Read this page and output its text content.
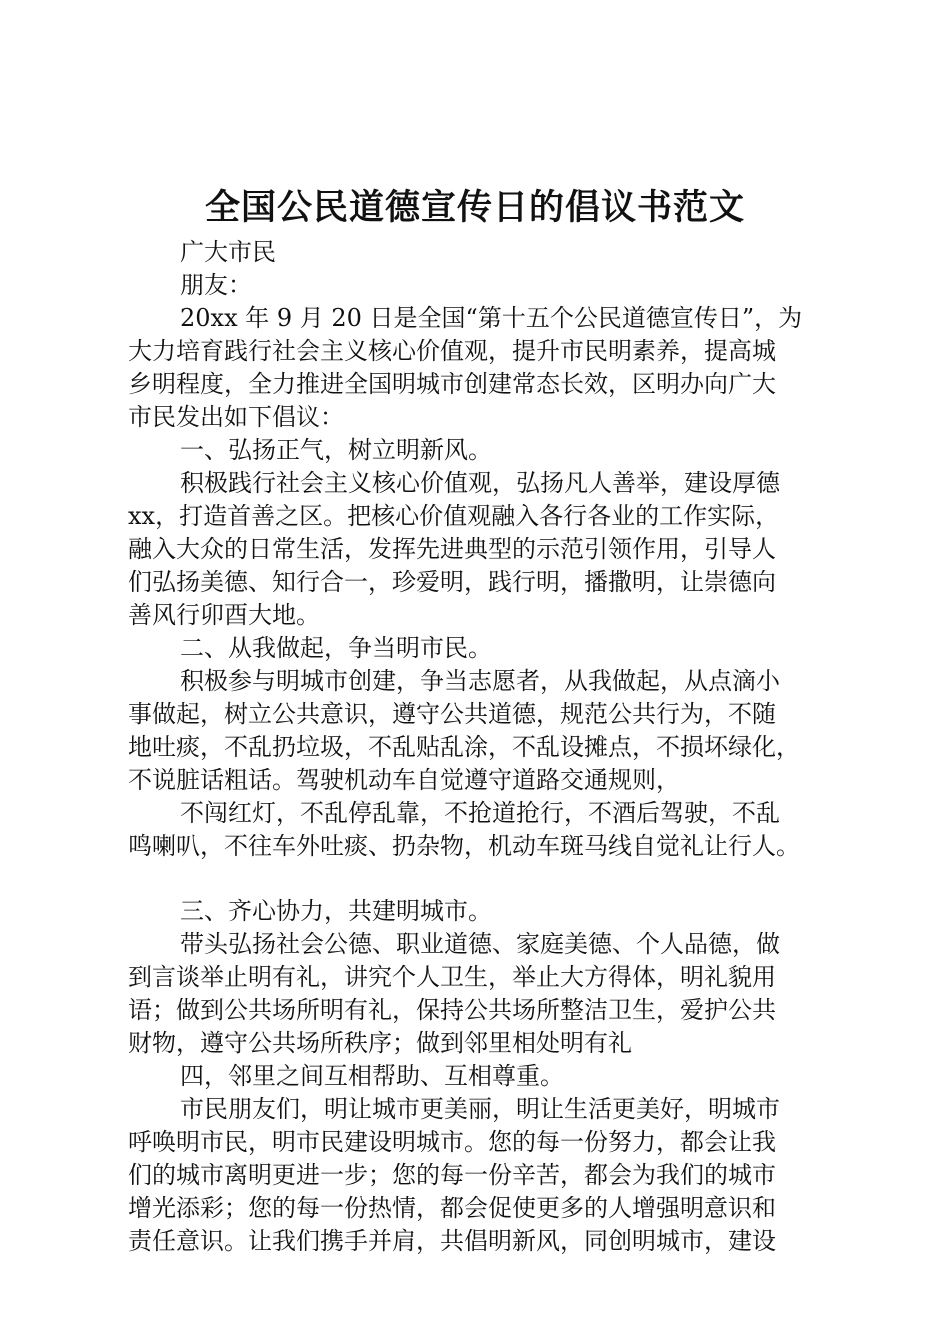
全国公民道德宣传日的倡议书范文
广大市民
朋友：
20xx 年 9 月 20 日是全国“第十五个公民道德宣传日”，为
大力培育践行社会主义核心价值观，提升市民明素养，提高城
乡明程度，全力推进全国明城市创建常态长效，区明办向广大
市民发出如下倡议：
一、弘扬正气，树立明新风。
积极践行社会主义核心价值观，弘扬凡人善举，建设厚德
xx，打造首善之区。把核心价值观融入各行各业的工作实际，
融入大众的日常生活，发挥先进典型的示范引领作用，引导人
们弘扬美德、知行合一，珍爱明，践行明，播撒明，让崇德向
善风行卯酉大地。
二、从我做起，争当明市民。
积极参与明城市创建，争当志愿者，从我做起，从点滴小
事做起，树立公共意识，遵守公共道德，规范公共行为，不随
地吐痰，不乱扔垃圾，不乱贴乱涂，不乱设摊点，不损坏绿化，
不说脏话粗话。驾驶机动车自觉遵守道路交通规则，
不闯红灯，不乱停乱靠，不抢道抢行，不酒后驾驶，不乱
鸣喇叭，不往车外吐痰、扔杂物，机动车斑马线自觉礼让行人。
三、齐心协力，共建明城市。
带头弘扬社会公德、职业道德、家庭美德、个人品德，做
到言谈举止明有礼，讲究个人卫生，举止大方得体，明礼貌用
语；做到公共场所明有礼，保持公共场所整洁卫生，爱护公共
财物，遵守公共场所秩序；做到邻里相处明有礼
四，邻里之间互相帮助、互相尊重。
市民朋友们，明让城市更美丽，明让生活更美好，明城市
呼唤明市民，明市民建设明城市。您的每一份努力，都会让我
们的城市离明更进一步；您的每一份辛苦，都会为我们的城市
增光添彩；您的每一份热情，都会促使更多的人增强明意识和
责任意识。让我们携手并肩，共倡明新风，同创明城市，建设
